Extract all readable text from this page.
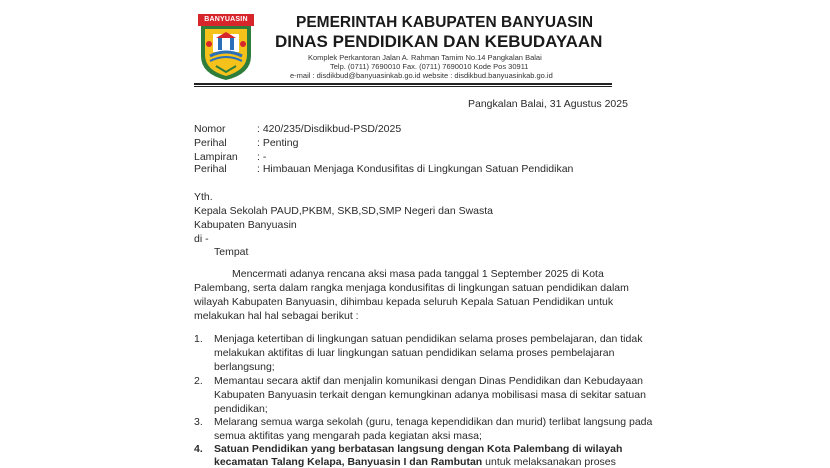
BANYUASIN	PEMERINTAH KABUPATEN BANYUASIN
DINAS PENDIDIKAN DAN KEBUDAYAAN
Komplek Perkantoran Jalan A. Rahman Tamim No.14 Pangkalan Balai
Telp. (0711) 7690010 Fax. (0711) 7690010 Kode Pos 30911
e-mail : disdikbud@banyuasinkab.go.id website : disdikbud.banyuasinkab.go.id
Pangkalan Balai, 31 Agustus 2025
Nomor	: 420/235/Disdikbud-PSD/2025
Perihal	: Penting
Lampiran : -
Perihal	: Himbauan Menjaga Kondusifitas di Lingkungan Satuan Pendidikan
Yth.
Kepala Sekolah PAUD,PKBM, SKB,SD,SMP Negeri dan Swasta
Kabupaten Banyuasin
di -
Tempat
Mencermati adanya rencana aksi masa pada tanggal 1 September 2025 di Kota
Palembang, serta dalam rangka menjaga kondusifitas di lingkungan satuan pendidikan dalam
wilayah Kabupaten Banyuasin, dihimbau kepada seluruh Kepala Satuan Pendidikan untuk
melakukan hal hal sebagai berikut :
1. Menjaga ketertiban di lingkungan satuan pendidikan selama proses pembelajaran, dan tidak
melakukan aktifitas di luar lingkungan satuan pendidikan selama proses pembelajaran
berlangsung;
2. Memantau secara aktif dan menjalin komunikasi dengan Dinas Pendidikan dan Kebudayaan
Kabupaten Banyuasin terkait dengan kemungkinan adanya mobilisasi masa di sekitar satuan
pendidikan;
3. Melarang semua warga sekolah (guru, tenaga kependidikan dan murid) terlibat langsung pada
semua aktifitas yang mengarah pada kegiatan aksi masa;
4. Satuan Pendidikan yang berbatasan langsung dengan Kota Palembang di wilayah
kecamatan Talang Kelapa, Banyuasin I dan Rambutan untuk melaksanakan proses
